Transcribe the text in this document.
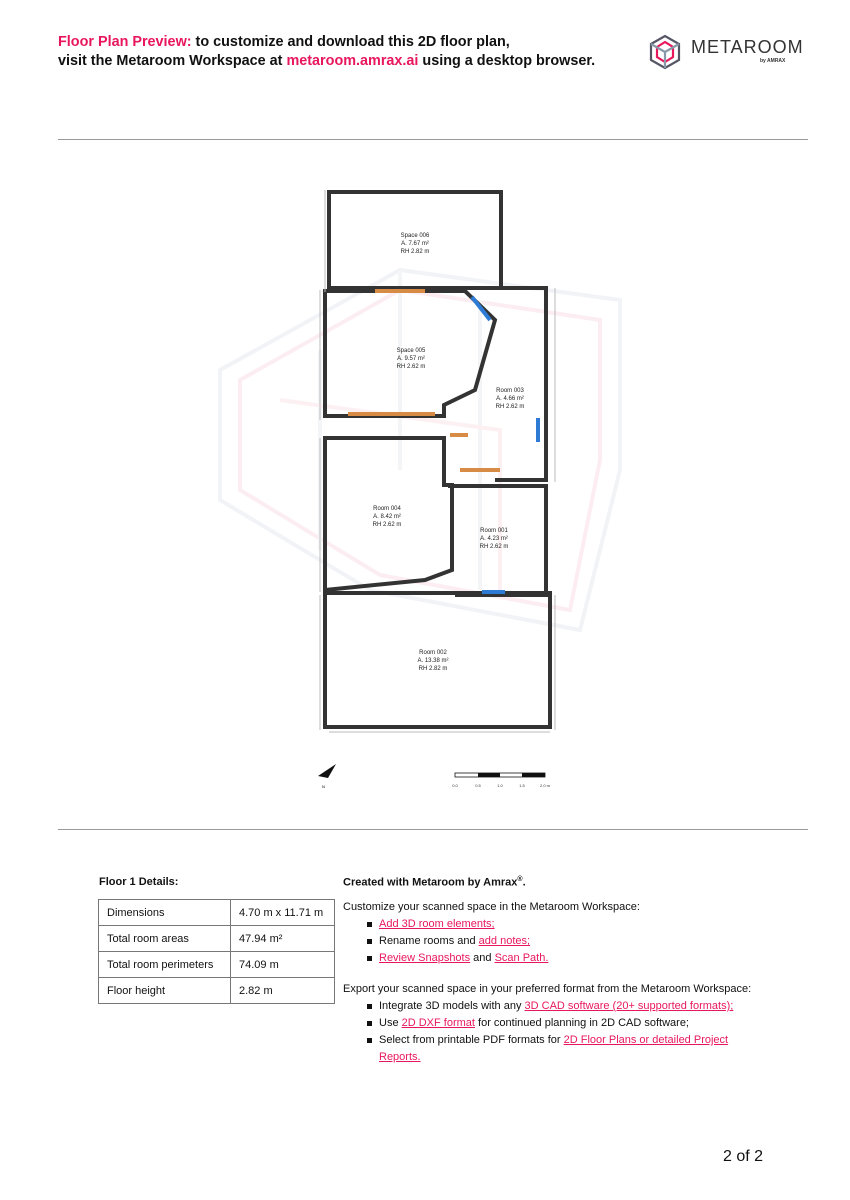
Floor Plan Preview: to customize and download this 2D floor plan,
visit the Metaroom Workspace at metaroom.amrax.ai using a desktop browser.
METAROOM
by AMRAX
Space 006
A. 7.67 m²
RH 2.82 m
Space 005
A. 9.57 m²
RH 2.62 m
Room 003
A. 4.66 m²
RH 2.62 m
Room 004
A. 8.42 m²
RH 2.62 m
Room 001
A. 4.23 m²
RH 2.62 m
Room 002
A. 13.38 m²
RH 2.82 m
N	0.0	0.5	1.0	1.5	2.0 m
Floor 1 Details:
Dimensions	4.70 m x 11.71 m
Total room areas	47.94 m²
Total room perimeters	74.09 m
Floor height	2.82 m
Created with Metaroom by Amrax®.
Customize your scanned space in the Metaroom Workspace:
Add 3D room elements;
Rename rooms and add notes;
Review Snapshots and Scan Path.
Export your scanned space in your preferred format from the Metaroom Workspace:
Integrate 3D models with any 3D CAD software (20+ supported formats);
Use 2D DXF format for continued planning in 2D CAD software;
Select from printable PDF formats for 2D Floor Plans or detailed Project
Reports.
2 of 2
